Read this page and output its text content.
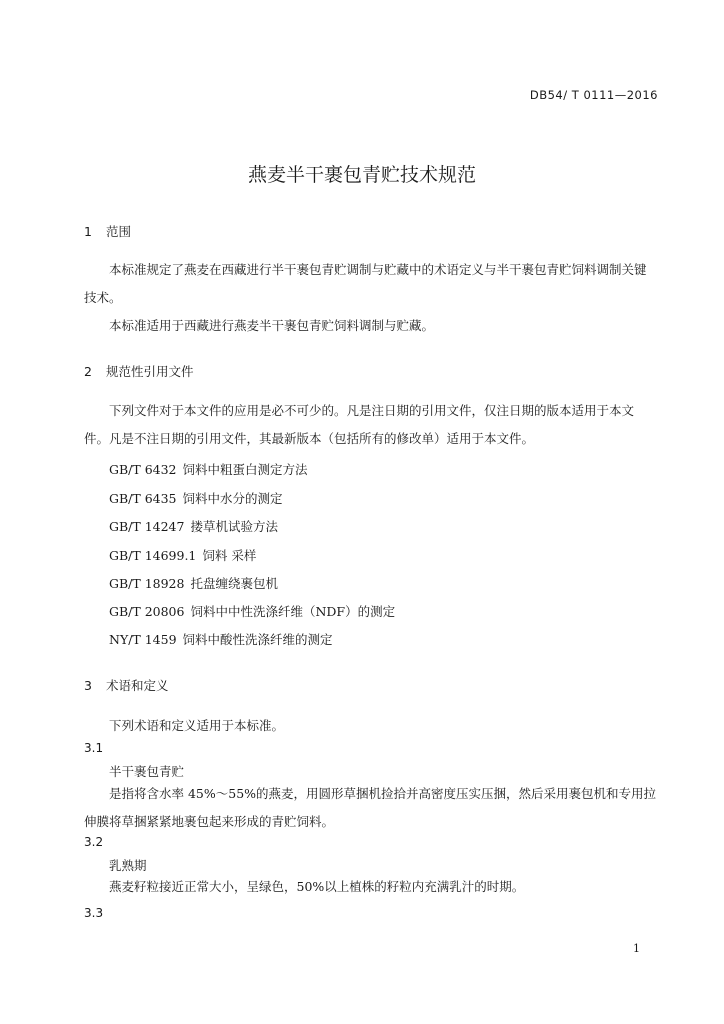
DB54/ T 0111—2016
燕麦半干裹包青贮技术规范
1 范围
本标准规定了燕麦在西藏进行半干裹包青贮调制与贮藏中的术语定义与半干裹包青贮饲料调制关键技术。
本标准适用于西藏进行燕麦半干裹包青贮饲料调制与贮藏。
2 规范性引用文件
下列文件对于本文件的应用是必不可少的。凡是注日期的引用文件，仅注日期的版本适用于本文件。凡是不注日期的引用文件，其最新版本（包括所有的修改单）适用于本文件。
GB/T 6432 饲料中粗蛋白测定方法
GB/T 6435 饲料中水分的测定
GB/T 14247 搂草机试验方法
GB/T 14699.1 饲料 采样
GB/T 18928 托盘缠绕裹包机
GB/T 20806 饲料中中性洗涤纤维（NDF）的测定
NY/T 1459 饲料中酸性洗涤纤维的测定
3 术语和定义
下列术语和定义适用于本标准。
3.1
半干裹包青贮
是指将含水率 45%～55%的燕麦，用圆形草捆机捡拾并高密度压实压捆，然后采用裹包机和专用拉伸膜将草捆紧紧地裹包起来形成的青贮饲料。
3.2
乳熟期
燕麦籽粒接近正常大小，呈绿色，50%以上植株的籽粒内充满乳汁的时期。
3.3
1
